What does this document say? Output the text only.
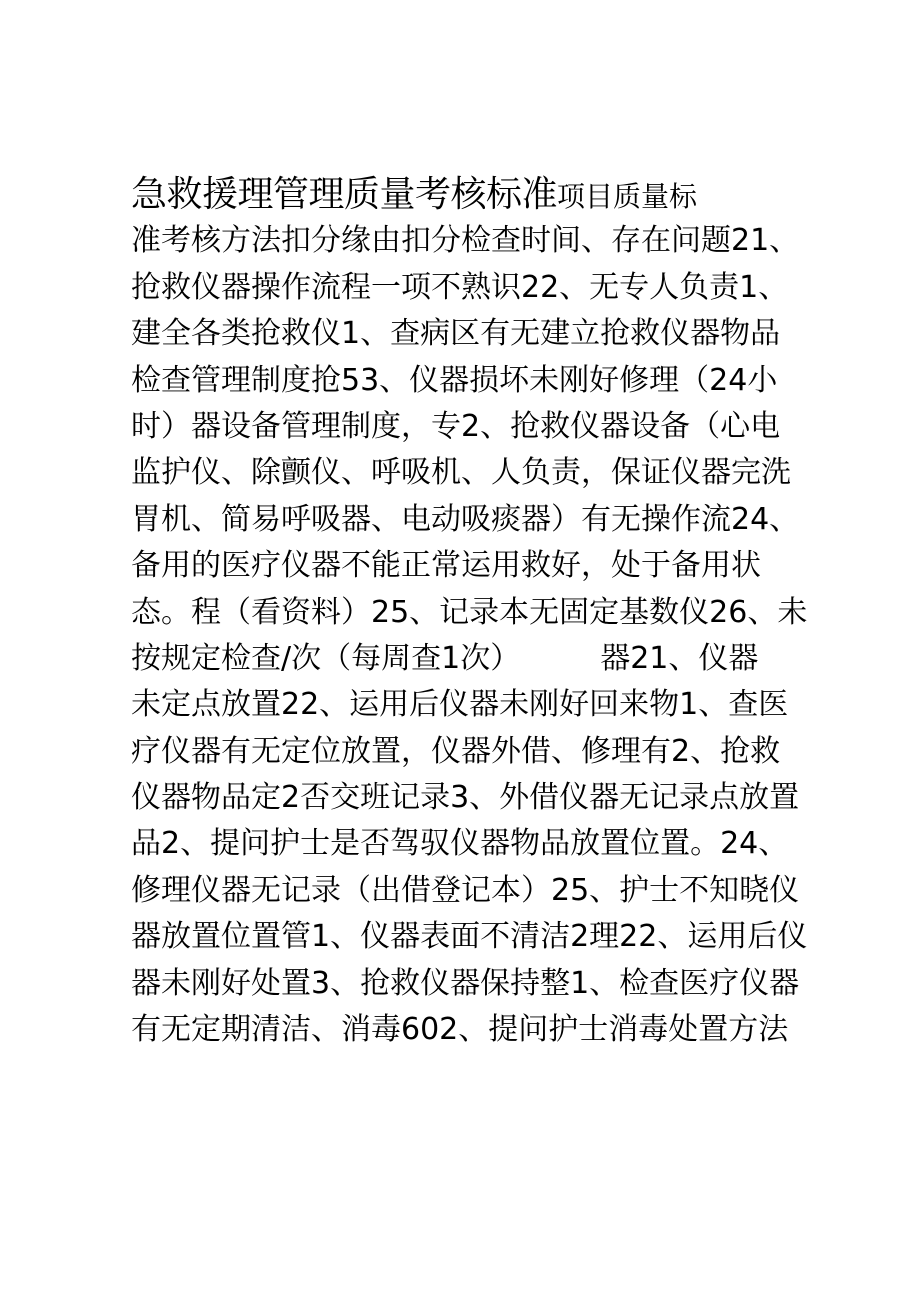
急救援理管理质量考核标准项目质量标
准考核方法扣分缘由扣分检查时间、存在问题21、
抢救仪器操作流程一项不熟识22、无专人负责1、
建全各类抢救仪1、查病区有无建立抢救仪器物品
检查管理制度抢53、仪器损坏未刚好修理（24小
时）器设备管理制度，专2、抢救仪器设备（心电
监护仪、除颤仪、呼吸机、人负责，保证仪器完洗
胃机、简易呼吸器、电动吸痰器）有无操作流24、
备用的医疗仪器不能正常运用救好，处于备用状
态。程（看资料）25、记录本无固定基数仪26、未
按规定检查/次（每周查1次）	器21、仪器
未定点放置22、运用后仪器未刚好回来物1、查医
疗仪器有无定位放置，仪器外借、修理有2、抢救
仪器物品定2否交班记录3、外借仪器无记录点放置
品2、提问护士是否驾驭仪器物品放置位置。24、
修理仪器无记录（出借登记本）25、护士不知晓仪
器放置位置管1、仪器表面不清洁2理22、运用后仪
器未刚好处置3、抢救仪器保持整1、检查医疗仪器
有无定期清洁、消毒602、提问护士消毒处置方法
